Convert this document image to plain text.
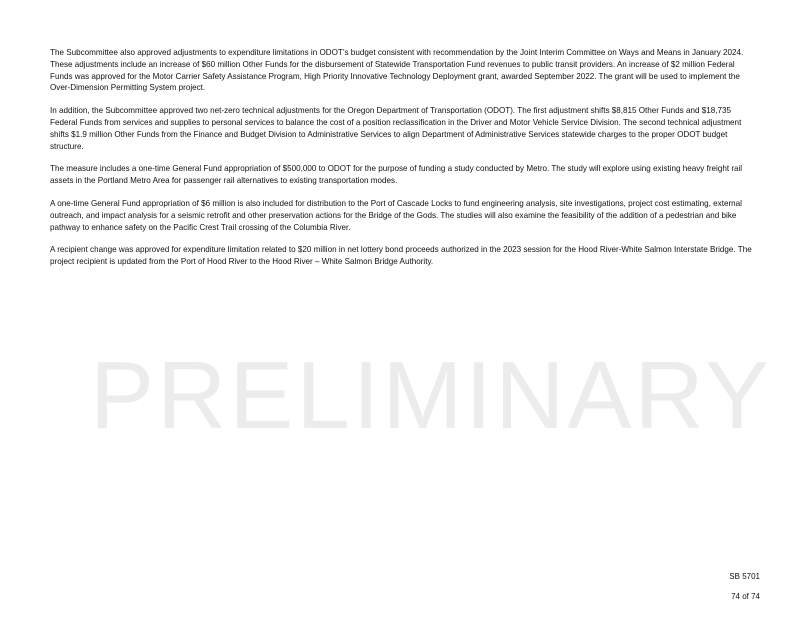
The Subcommittee also approved adjustments to expenditure limitations in ODOT’s budget consistent with recommendation by the Joint Interim Committee on Ways and Means in January 2024. These adjustments include an increase of $60 million Other Funds for the disbursement of Statewide Transportation Fund revenues to public transit providers. An increase of $2 million Federal Funds was approved for the Motor Carrier Safety Assistance Program, High Priority Innovative Technology Deployment grant, awarded September 2022. The grant will be used to implement the Over-Dimension Permitting System project.

In addition, the Subcommittee approved two net-zero technical adjustments for the Oregon Department of Transportation (ODOT). The first adjustment shifts $8,815 Other Funds and $18,735 Federal Funds from services and supplies to personal services to balance the cost of a position reclassification in the Driver and Motor Vehicle Service Division. The second technical adjustment shifts $1.9 million Other Funds from the Finance and Budget Division to Administrative Services to align Department of Administrative Services statewide charges to the proper ODOT budget structure.

The measure includes a one-time General Fund appropriation of $500,000 to ODOT for the purpose of funding a study conducted by Metro. The study will explore using existing heavy freight rail assets in the Portland Metro Area for passenger rail alternatives to existing transportation modes.

A one-time General Fund appropriation of $6 million is also included for distribution to the Port of Cascade Locks to fund engineering analysis, site investigations, project cost estimating, external outreach, and impact analysis for a seismic retrofit and other preservation actions for the Bridge of the Gods. The studies will also examine the feasibility of the addition of a pedestrian and bike pathway to enhance safety on the Pacific Crest Trail crossing of the Columbia River.

A recipient change was approved for expenditure limitation related to $20 million in net lottery bond proceeds authorized in the 2023 session for the Hood River-White Salmon Interstate Bridge. The project recipient is updated from the Port of Hood River to the Hood River – White Salmon Bridge Authority.

PRELIMINARY
SB 5701
74 of 74
